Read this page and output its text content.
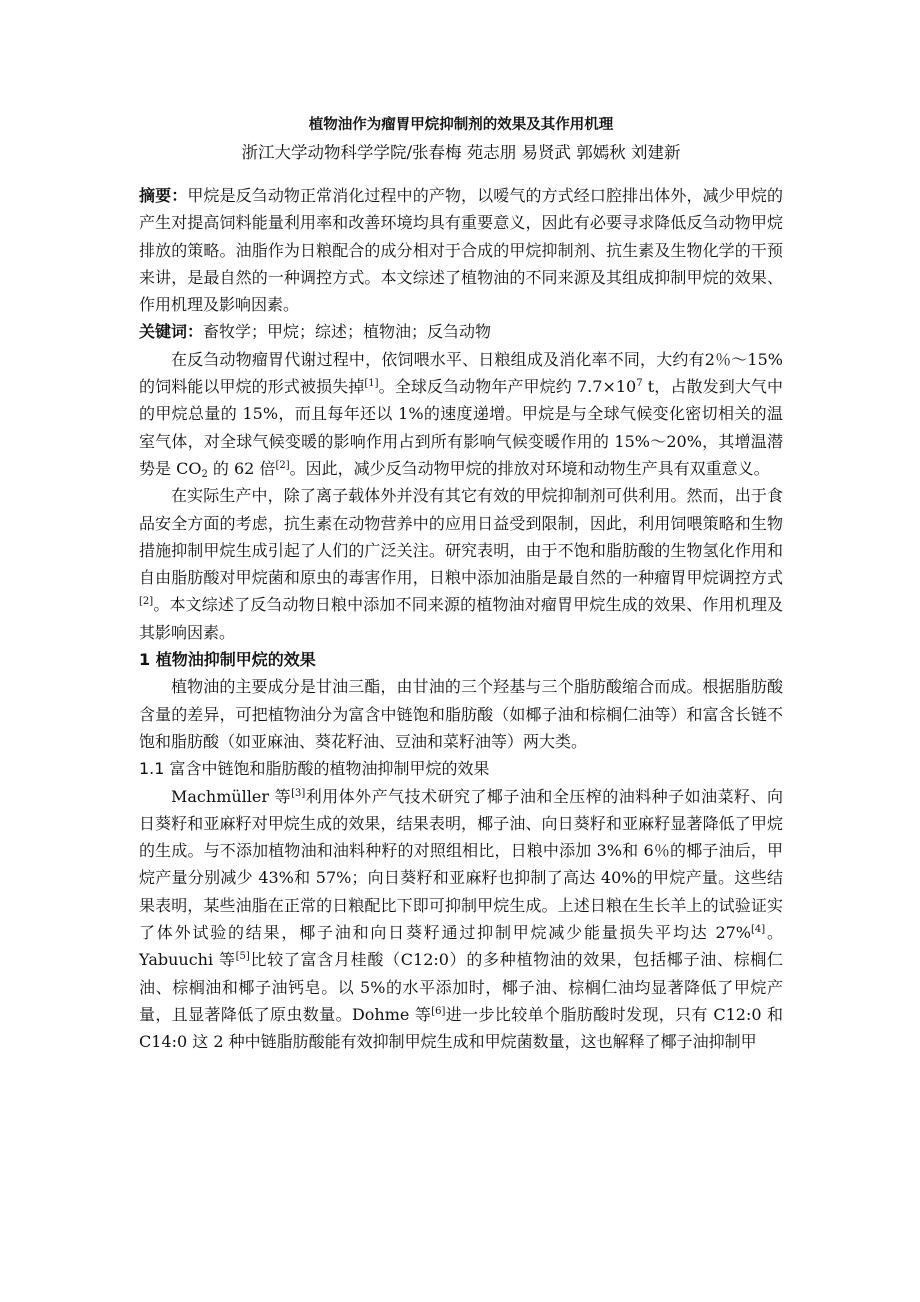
植物油作为瘤胃甲烷抑制剂的效果及其作用机理

浙江大学动物科学学院/张春梅 苑志朋 易贤武 郭嫣秋 刘建新

摘要：甲烷是反刍动物正常消化过程中的产物，以嗳气的方式经口腔排出体外，减少甲烷的产生对提高饲料能量利用率和改善环境均具有重要意义，因此有必要寻求降低反刍动物甲烷排放的策略。油脂作为日粮配合的成分相对于合成的甲烷抑制剂、抗生素及生物化学的干预来讲，是最自然的一种调控方式。本文综述了植物油的不同来源及其组成抑制甲烷的效果、作用机理及影响因素。

关键词：畜牧学；甲烷；综述；植物油；反刍动物

在反刍动物瘤胃代谢过程中，依饲喂水平、日粮组成及消化率不同，大约有2％～15%的饲料能以甲烷的形式被损失掉[1]。全球反刍动物年产甲烷约 $7.7\times 10^7$ t，占散发到大气中的甲烷总量的 15%，而且每年还以 1%的速度递增。甲烷是与全球气候变化密切相关的温室气体，对全球气候变暖的影响作用占到所有影响气候变暖作用的 15%～20%，其增温潜势是 $CO_2$ 的 62 倍[2]。因此，减少反刍动物甲烷的排放对环境和动物生产具有双重意义。

在实际生产中，除了离子载体外并没有其它有效的甲烷抑制剂可供利用。然而，出于食品安全方面的考虑，抗生素在动物营养中的应用日益受到限制，因此，利用饲喂策略和生物措施抑制甲烷生成引起了人们的广泛关注。研究表明，由于不饱和脂肪酸的生物氢化作用和自由脂肪酸对甲烷菌和原虫的毒害作用，日粮中添加油脂是最自然的一种瘤胃甲烷调控方式[2]。本文综述了反刍动物日粮中添加不同来源的植物油对瘤胃甲烷生成的效果、作用机理及其影响因素。

1 植物油抑制甲烷的效果

植物油的主要成分是甘油三酯，由甘油的三个羟基与三个脂肪酸缩合而成。根据脂肪酸含量的差异，可把植物油分为富含中链饱和脂肪酸（如椰子油和棕榈仁油等）和富含长链不饱和脂肪酸（如亚麻油、葵花籽油、豆油和菜籽油等）两大类。

1.1 富含中链饱和脂肪酸的植物油抑制甲烷的效果

Machmüller 等[3]利用体外产气技术研究了椰子油和全压榨的油料种子如油菜籽、向日葵籽和亚麻籽对甲烷生成的效果，结果表明，椰子油、向日葵籽和亚麻籽显著降低了甲烷的生成。与不添加植物油和油料种籽的对照组相比，日粮中添加 3%和 6％的椰子油后，甲烷产量分别减少 43%和 57%；向日葵籽和亚麻籽也抑制了高达 40%的甲烷产量。这些结果表明，某些油脂在正常的日粮配比下即可抑制甲烷生成。上述日粮在生长羊上的试验证实了体外试验的结果，椰子油和向日葵籽通过抑制甲烷减少能量损失平均达 27%[4]。Yabuuchi 等[5]比较了富含月桂酸（C12:0）的多种植物油的效果，包括椰子油、棕榈仁油、棕榈油和椰子油钙皂。以 5%的水平添加时，椰子油、棕榈仁油均显著降低了甲烷产量，且显著降低了原虫数量。Dohme 等[6]进一步比较单个脂肪酸时发现，只有 C12:0 和 C14:0 这 2 种中链脂肪酸能有效抑制甲烷生成和甲烷菌数量，这也解释了椰子油抑制甲
